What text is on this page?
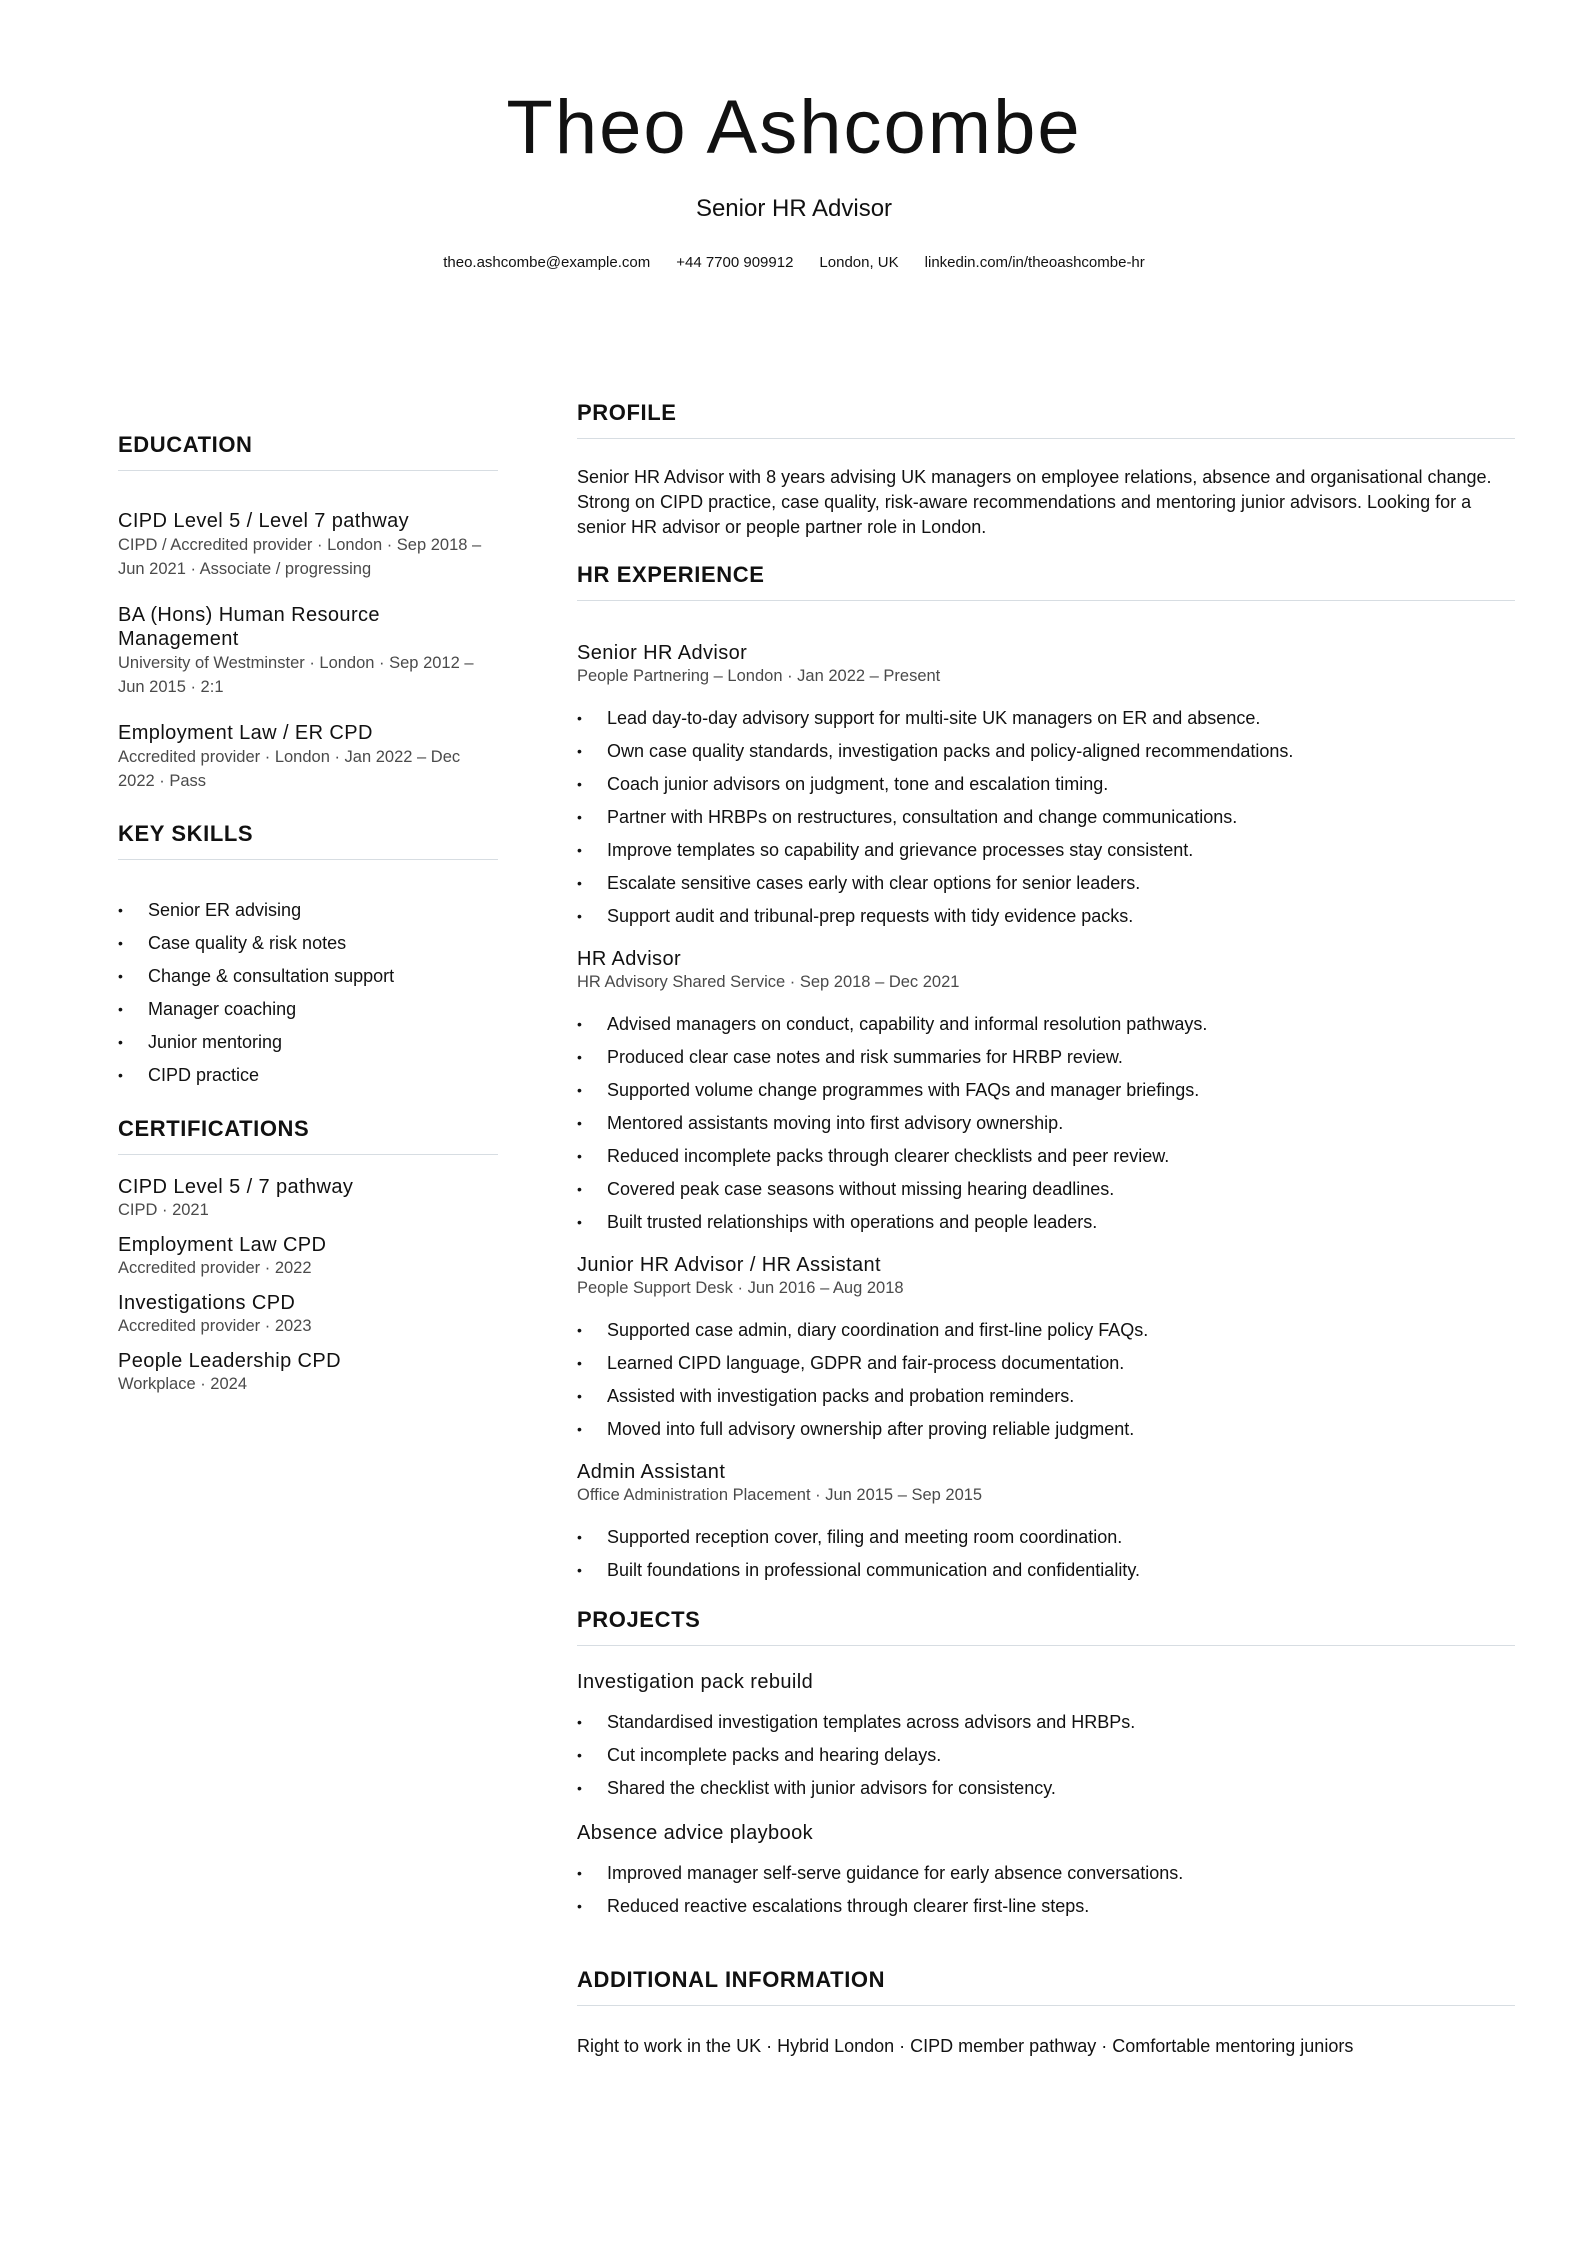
Theo Ashcombe
Senior HR Advisor
theo.ashcombe@example.com +44 7700 909912 London, UK linkedin.com/in/theoashcombe-hr
EDUCATION
CIPD Level 5 / Level 7 pathway
CIPD / Accredited provider · London · Sep 2018 – Jun 2021 · Associate / progressing
BA (Hons) Human Resource Management
University of Westminster · London · Sep 2012 – Jun 2015 · 2:1
Employment Law / ER CPD
Accredited provider · London · Jan 2022 – Dec 2022 · Pass
KEY SKILLS
• Senior ER advising
• Case quality & risk notes
• Change & consultation support
• Manager coaching
• Junior mentoring
• CIPD practice
CERTIFICATIONS
CIPD Level 5 / 7 pathway
CIPD · 2021
Employment Law CPD
Accredited provider · 2022
Investigations CPD
Accredited provider · 2023
People Leadership CPD
Workplace · 2024
PROFILE

Senior HR Advisor with 8 years advising UK managers on employee relations, absence and organisational change. Strong on CIPD practice, case quality, risk-aware recommendations and mentoring junior advisors. Looking for a senior HR advisor or people partner role in London.

HR EXPERIENCE
Senior HR Advisor
People Partnering – London · Jan 2022 – Present
• Lead day-to-day advisory support for multi-site UK managers on ER and absence.
• Own case quality standards, investigation packs and policy-aligned recommendations.
• Coach junior advisors on judgment, tone and escalation timing.
• Partner with HRBPs on restructures, consultation and change communications.
• Improve templates so capability and grievance processes stay consistent.
• Escalate sensitive cases early with clear options for senior leaders.
• Support audit and tribunal-prep requests with tidy evidence packs.
HR Advisor
HR Advisory Shared Service · Sep 2018 – Dec 2021
• Advised managers on conduct, capability and informal resolution pathways.
• Produced clear case notes and risk summaries for HRBP review.
• Supported volume change programmes with FAQs and manager briefings.
• Mentored assistants moving into first advisory ownership.
• Reduced incomplete packs through clearer checklists and peer review.
• Covered peak case seasons without missing hearing deadlines.
• Built trusted relationships with operations and people leaders.
Junior HR Advisor / HR Assistant
People Support Desk · Jun 2016 – Aug 2018
• Supported case admin, diary coordination and first-line policy FAQs.
• Learned CIPD language, GDPR and fair-process documentation.
• Assisted with investigation packs and probation reminders.
• Moved into full advisory ownership after proving reliable judgment.
Admin Assistant
Office Administration Placement · Jun 2015 – Sep 2015
• Supported reception cover, filing and meeting room coordination.
• Built foundations in professional communication and confidentiality.
PROJECTS
Investigation pack rebuild
• Standardised investigation templates across advisors and HRBPs.
• Cut incomplete packs and hearing delays.
• Shared the checklist with junior advisors for consistency.
Absence advice playbook
• Improved manager self-serve guidance for early absence conversations.
• Reduced reactive escalations through clearer first-line steps.
ADDITIONAL INFORMATION
Right to work in the UK · Hybrid London · CIPD member pathway · Comfortable mentoring juniors
